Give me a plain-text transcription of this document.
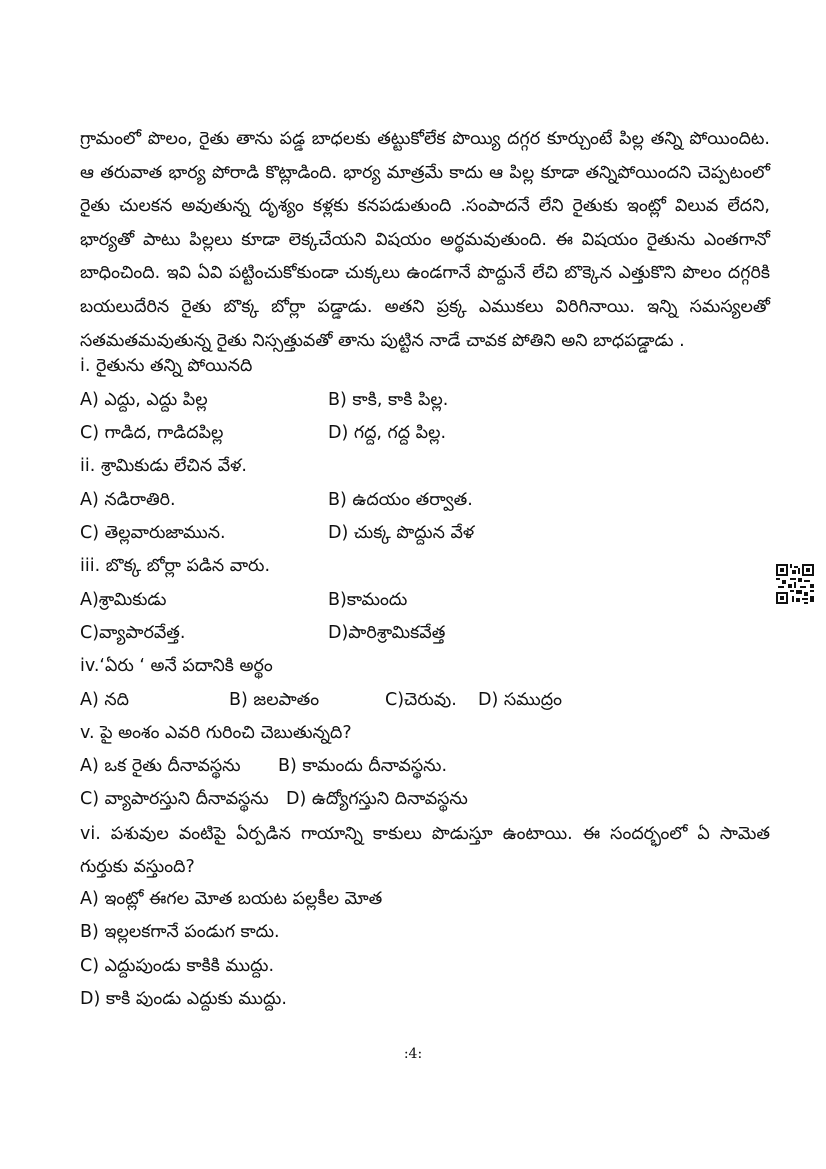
గ్రామంలో పొలం, రైతు తాను పడ్డ బాధలకు తట్టుకోలేక పొయ్యి దగ్గర కూర్చుంటే పిల్ల తన్ని పోయిందిట. ఆ తరువాత భార్య పోరాడి కొట్లాడింది. భార్య మాత్రమే కాదు ఆ పిల్ల కూడా తన్నిపోయిందని చెప్పటంలో రైతు చులకన అవుతున్న దృశ్యం కళ్లకు కనపడుతుంది .సంపాదనే లేని రైతుకు ఇంట్లో విలువ లేదని, భార్యతో పాటు పిల్లలు కూడా లెక్కచేయని విషయం అర్థమవుతుంది. ఈ విషయం రైతును ఎంతగానో బాధించింది. ఇవి ఏవి పట్టించుకోకుండా చుక్కలు ఉండగానే పొద్దునే లేచి బొక్కెన ఎత్తుకొని పొలం దగ్గరికి బయలుదేరిన రైతు బొక్క బోర్లా పడ్డాడు. అతని ప్రక్క ఎముకలు విరిగినాయి. ఇన్ని సమస్యలతో సతమతమవుతున్న రైతు నిస్సత్తువతో తాను పుట్టిన నాడే చావక పోతిని అని బాధపడ్డాడు .
i. రైతును తన్ని పోయినది
A) ఎద్దు, ఎద్దు పిల్ల	B) కాకి, కాకి పిల్ల.
C) గాడిద, గాడిదపిల్ల	D) గద్ద, గద్ద పిల్ల.
ii. శ్రామికుడు లేచిన వేళ.
A) నడిరాతిరి.	B) ఉదయం తర్వాత.
C) తెల్లవారుజామున.	D) చుక్క పొద్దున వేళ
iii. బొక్క బోర్లా పడిన వారు.
A)శ్రామికుడు	B)కామందు
C)వ్యాపారవేత్త.	D)పారిశ్రామికవేత్త
iv.‘ఏరు ‘ అనే పదానికి అర్థం
A) నది	B) జలపాతం	C)చెరువు. D) సముద్రం
v. పై అంశం ఎవరి గురించి చెబుతున్నది?
A) ఒక రైతు దీనావస్థను B) కామందు దీనావస్థను.
C) వ్యాపారస్తుని దీనావస్థను D) ఉద్యోగస్తుని దినావస్థను
vi. పశువుల వంటిపై ఏర్పడిన గాయాన్ని కాకులు పొడుస్తూ ఉంటాయి. ఈ సందర్భంలో ఏ సామెత గుర్తుకు వస్తుంది?
A) ఇంట్లో ఈగల మోత బయట పల్లకీల మోత
B) ఇల్లలకగానే పండుగ కాదు.
C) ఎద్దుపుండు కాకికి ముద్దు.
D) కాకి పుండు ఎద్దుకు ముద్దు.
:4:
